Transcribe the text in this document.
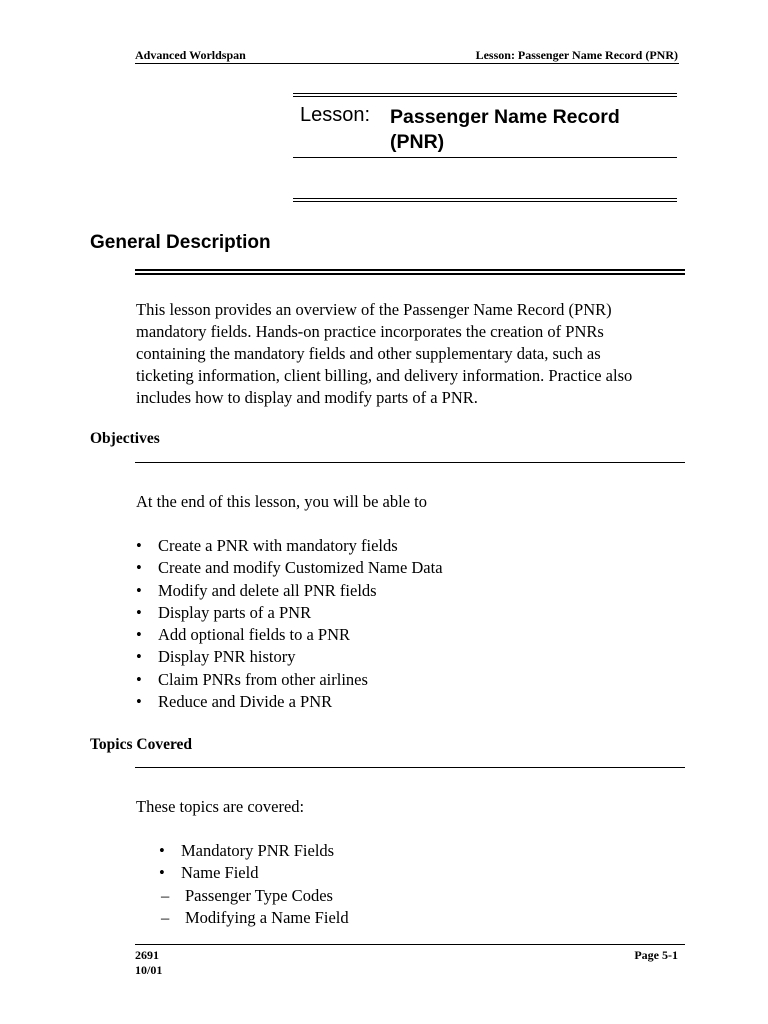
Advanced Worldspan	Lesson: Passenger Name Record (PNR)
Lesson: Passenger Name Record
(PNR)
General Description
This lesson provides an overview of the Passenger Name Record (PNR)
mandatory fields. Hands-on practice incorporates the creation of PNRs
containing the mandatory fields and other supplementary data, such as
ticketing information, client billing, and delivery information. Practice also
includes how to display and modify parts of a PNR.
Objectives
At the end of this lesson, you will be able to
• Create a PNR with mandatory fields
• Create and modify Customized Name Data
• Modify and delete all PNR fields
• Display parts of a PNR
• Add optional fields to a PNR
• Display PNR history
• Claim PNRs from other airlines
• Reduce and Divide a PNR
Topics Covered
These topics are covered:
• Mandatory PNR Fields
• Name Field
– Passenger Type Codes
– Modifying a Name Field
2691
10/01
Page 5-1
